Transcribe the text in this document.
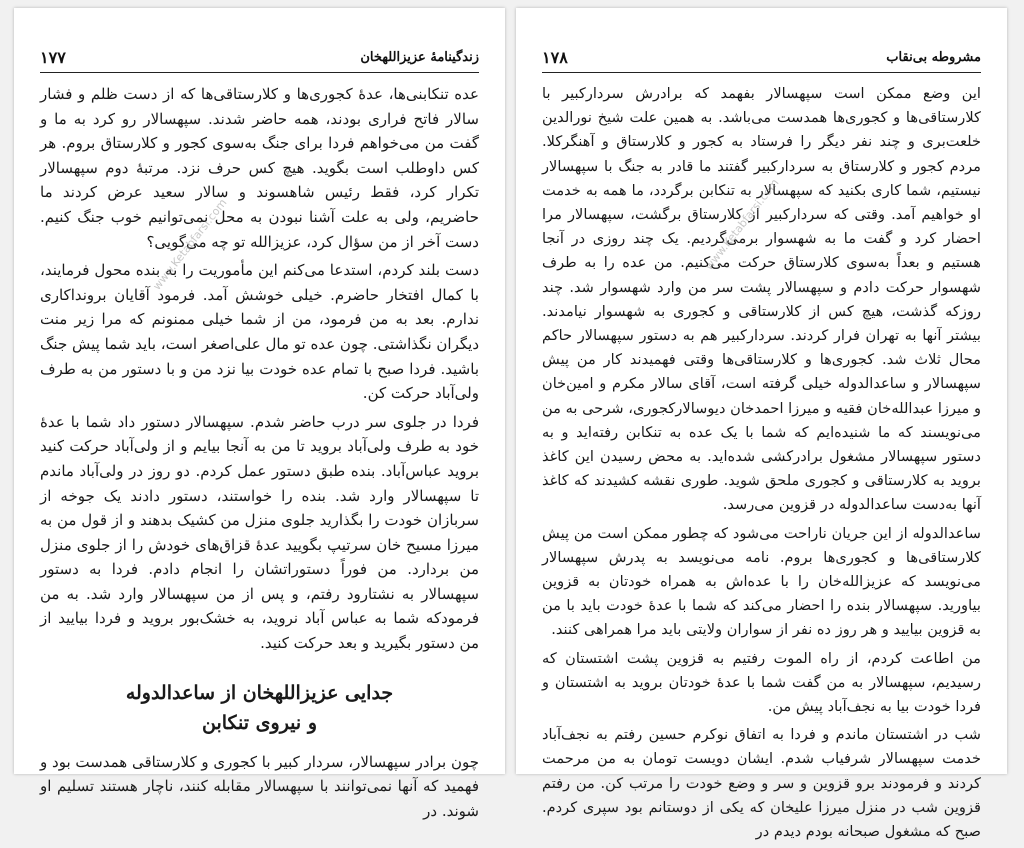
زندگینامهٔ عزیزاللهخان
۱۷۷

عده تنکابنی‌ها، عدهٔ کجوری‌ها و کلارستاقی‌ها که از دست ظلم و فشار سالار فاتح فراری بودند، همه حاضر شدند. سپهسالار رو کرد به ما و گفت من می‌خواهم فردا برای جنگ به‌سوی کجور و کلارستاق بروم. هر کس داوطلب است بگوید. هیچ کس حرف نزد. مرتبهٔ دوم سپهسالار تکرار کرد، فقط رئیس شاهسوند و سالار سعید عرض کردند ما حاضریم، ولی به علت آشنا نبودن به محل نمی‌توانیم خوب جنگ کنیم. دست آخر از من سؤال کرد، عزیزالله تو چه می‌گویی؟

دست بلند کردم، استدعا می‌کنم این مأموریت را به بنده محول فرمایند، با کمال افتخار حاضرم. خیلی خوشش آمد. فرمود آقایان برونداکاری ندارم. بعد به من فرمود، من از شما خیلی ممنونم که مرا زیر منت دیگران نگذاشتی. چون عده تو مال علی‌اصغر است، باید شما پیش جنگ باشید. فردا صبح با تمام عده خودت بیا نزد من و با دستور من به طرف ولی‌آباد حرکت کن.

فردا در جلوی سر درب حاضر شدم. سپهسالار دستور داد شما با عدهٔ خود به طرف ولی‌آباد بروید تا من به آنجا بیایم و از ولی‌آباد حرکت کنید بروید عباس‌آباد. بنده طبق دستور عمل کردم. دو روز در ولی‌آباد ماندم تا سپهسالار وارد شد. بنده را خواستند، دستور دادند یک جوخه از سربازان خودت را بگذارید جلوی منزل من کشیک بدهند و از قول من به میرزا مسیح خان سرتیپ بگویید عدهٔ قزاق‌های خودش را از جلوی منزل من بردارد. من فوراً دستوراتشان را انجام دادم. فردا به دستور سپهسالار به نشتارود رفتم، و پس از من سپهسالار وارد شد. به من فرمودکه شما به عباس آباد نروید، به خشک‌بور بروید و فردا بیایید از من دستور بگیرید و بعد حرکت کنید.

جدایی عزیزاللهخان از ساعدالدوله
و نیروی تنکابن

چون برادر سپهسالار، سردار کبیر با کجوری و کلارستاقی همدست بود و فهمید که آنها نمی‌توانند با سپهسالار مقابله کنند، ناچار هستند تسلیم او شوند. در

www.Ketabfarsi.com
مشروطه بی‌نقاب
۱۷۸

این وضع ممکن است سپهسالار بفهمد که برادرش سردارکبیر با کلارستاقی‌ها و کجوری‌ها همدست می‌باشد. به همین علت شیخ نورالدین خلعت‌بری و چند نفر دیگر را فرستاد به کجور و کلارستاق و آهنگرکلا. مردم کجور و کلارستاق به سردارکبیر گفتند ما قادر به جنگ با سپهسالار نیستیم، شما کاری بکنید که سپهسالار به تنکابن برگردد، ما همه به خدمت او خواهیم آمد. وقتی که سردارکبیر از کلارستاق برگشت، سپهسالار مرا احضار کرد و گفت ما به شهسوار برمی‌گردیم. یک چند روزی در آنجا هستیم و بعداً به‌سوی کلارستاق حرکت می‌کنیم. من عده را به طرف شهسوار حرکت دادم و سپهسالار پشت سر من وارد شهسوار شد. چند روزکه گذشت، هیچ کس از کلارستاقی و کجوری به شهسوار نیامدند. بیشتر آنها به تهران فرار کردند. سردارکبیر هم به دستور سپهسالار حاکم محال ثلاث شد. کجوری‌ها و کلارستاقی‌ها وقتی فهمیدند کار من پیش سپهسالار و ساعدالدوله خیلی گرفته است، آقای سالار مکرم و امین‌خان و میرزا عبدالله‌خان فقیه و میرزا احمدخان دیوسالارکجوری، شرحی به من می‌نویسند که ما شنیده‌ایم که شما با یک عده به تنکابن رفته‌اید و به دستور سپهسالار مشغول برادرکشی شده‌اید. به محض رسیدن این کاغذ بروید به کلارستاقی و کجوری ملحق شوید. طوری نقشه کشیدند که کاغذ آنها به‌دست ساعدالدوله در قزوین می‌رسد.

ساعدالدوله از این جریان ناراحت می‌شود که چطور ممکن است من پیش کلارستاقی‌ها و کجوری‌ها بروم. نامه می‌نویسد به پدرش سپهسالار می‌نویسد که عزیزالله‌خان را با عده‌اش به همراه خودتان به قزوین بیاورید. سپهسالار بنده را احضار می‌کند که شما با عدهٔ خودت باید با من به قزوین بیایید و هر روز ده نفر از سواران ولایتی باید مرا همراهی کنند.

من اطاعت کردم، از راه الموت رفتیم به قزوین پشت اشتستان که رسیدیم، سپهسالار به من گفت شما با عدهٔ خودتان بروید به اشتستان و فردا خودت بیا به نجف‌آباد پیش من.

شب در اشتستان ماندم و فردا به اتفاق نوکرم حسین رفتم به نجف‌آباد خدمت سپهسالار شرفیاب شدم. ایشان دویست تومان به من مرحمت کردند و فرمودند برو قزوین و سر و وضع خودت را مرتب کن. من رفتم قزوین شب در منزل میرزا علیخان که یکی از دوستانم بود سپری کردم. صبح که مشغول صبحانه بودم دیدم در

www.Ketabfarsi.com
